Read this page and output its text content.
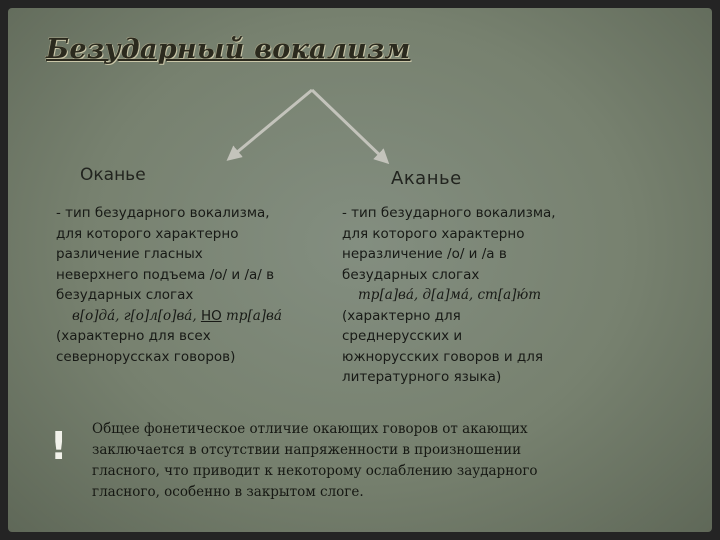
Безударный вокализм
Оканье	Аканье
- тип безударного вокализма,
для которого характерно
различение гласных
неверхнего подъема /о/ и /а/ в
безударных слогах
в[о]да́, г[о]л[о]ва́, НО тр[а]ва́
(характерно для всех
севернорусскаx говоров)
- тип безударного вокализма,
для которого характерно
неразличение /о/ и /а в
безударных слогах
тр[а]ва́, д[а]ма́, ст[а]ю́т
(характерно для
среднерусских и
южнорусских говоров и для
литературного языка)
! Общее фонетическое отличие окающих говоров от акающих
заключается в отсутствии напряженности в произношении
гласного, что приводит к некоторому ослаблению заударного
гласного, особенно в закрытом слоге.
